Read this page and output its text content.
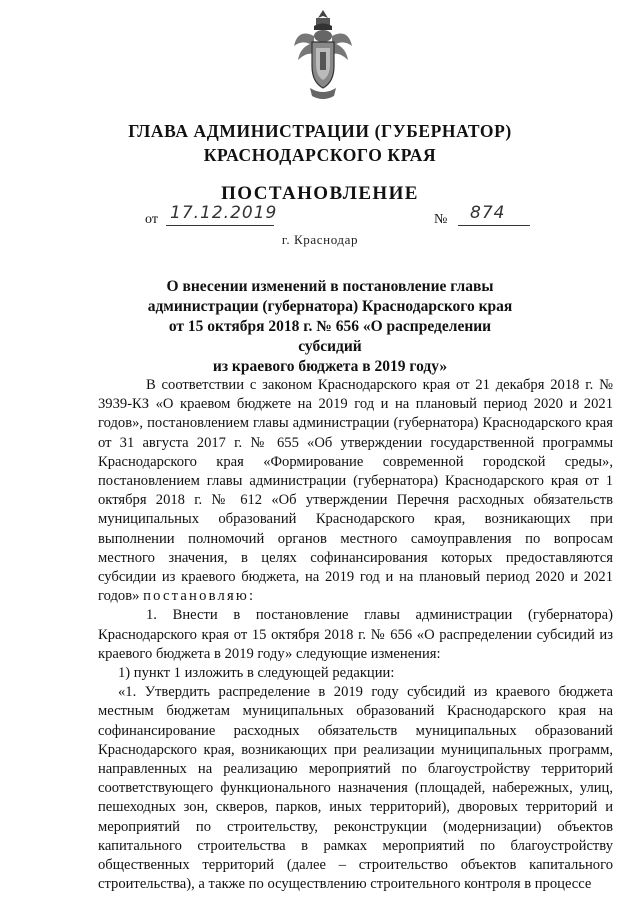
ГЛАВА АДМИНИСТРАЦИИ (ГУБЕРНАТОР)
КРАСНОДАРСКОГО КРАЯ
ПОСТАНОВЛЕНИЕ
от 17.12.2019	№ 874
г. Краснодар
О внесении изменений в постановление главы
администрации (губернатора) Краснодарского края
от 15 октября 2018 г. № 656 «О распределении субсидий
из краевого бюджета в 2019 году»

В соответствии с законом Краснодарского края от 21 декабря 2018 г. № 3939-КЗ «О краевом бюджете на 2019 год и на плановый период 2020 и 2021 годов», постановлением главы администрации (губернатора) Краснодарского края от 31 августа 2017 г. № 655 «Об утверждении государственной программы Краснодарского края «Формирование современной городской среды», постановлением главы администрации (губернатора) Краснодарского края от 1 октября 2018 г. № 612 «Об утверждении Перечня расходных обязательств муниципальных образований Краснодарского края, возникающих при выполнении полномочий органов местного самоуправления по вопросам местного значения, в целях софинансирования которых предоставляются субсидии из краевого бюджета, на 2019 год и на плановый период 2020 и 2021 годов» постановляю:

1. Внести в постановление главы администрации (губернатора) Краснодарского края от 15 октября 2018 г. № 656 «О распределении субсидий из краевого бюджета в 2019 году» следующие изменения:

1) пункт 1 изложить в следующей редакции:

«1. Утвердить распределение в 2019 году субсидий из краевого бюджета местным бюджетам муниципальных образований Краснодарского края на софинансирование расходных обязательств муниципальных образований Краснодарского края, возникающих при реализации муниципальных программ, направленных на реализацию мероприятий по благоустройству территорий соответствующего функционального назначения (площадей, набережных, улиц, пешеходных зон, скверов, парков, иных территорий), дворовых территорий и мероприятий по строительству, реконструкции (модернизации) объектов капитального строительства в рамках мероприятий по благоустройству общественных территорий (далее – строительство объектов капитального строительства), а также по осуществлению строительного контроля в процессе
